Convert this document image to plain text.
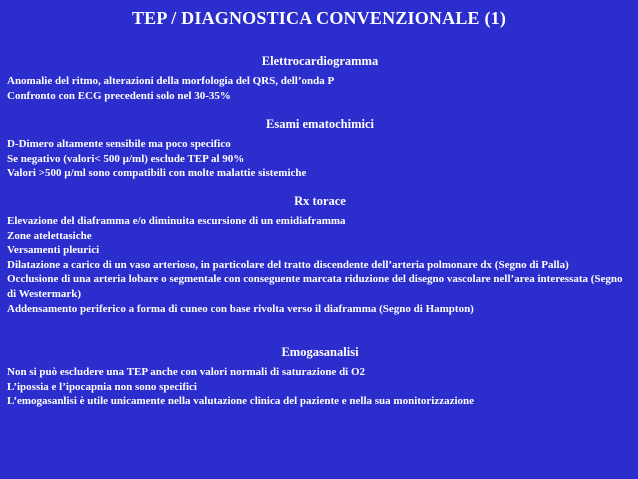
TEP / DIAGNOSTICA CONVENZIONALE (1)
Elettrocardiogramma
Anomalie del ritmo, alterazioni della morfologia del QRS, dell’onda P
Confronto con ECG precedenti solo nel 30-35%
Esami ematochimici
D-Dimero altamente sensibile ma poco specifico
Se negativo (valori< 500 µ/ml) esclude TEP al 90%
Valori >500 µ/ml sono compatibili con molte malattie sistemiche
Rx torace
Elevazione del diaframma e/o diminuita escursione di un emidiaframma
Zone atelettasiche
Versamenti pleurici
Dilatazione a carico di un vaso arterioso, in particolare del tratto discendente dell’arteria polmonare dx (Segno di Palla)
Occlusione di una arteria lobare o segmentale con conseguente marcata riduzione del disegno vascolare nell’area interessata (Segno di Westermark)
Addensamento periferico a forma di cuneo con base rivolta verso il diaframma (Segno di Hampton)
Emogasanalisi
Non si può escludere una TEP anche con valori normali di saturazione di O2
L’ipossia e l’ipocapnia non sono specifici
L’emogasanlisi è utile unicamente nella valutazione clinica del paziente e nella sua monitorizzazione
